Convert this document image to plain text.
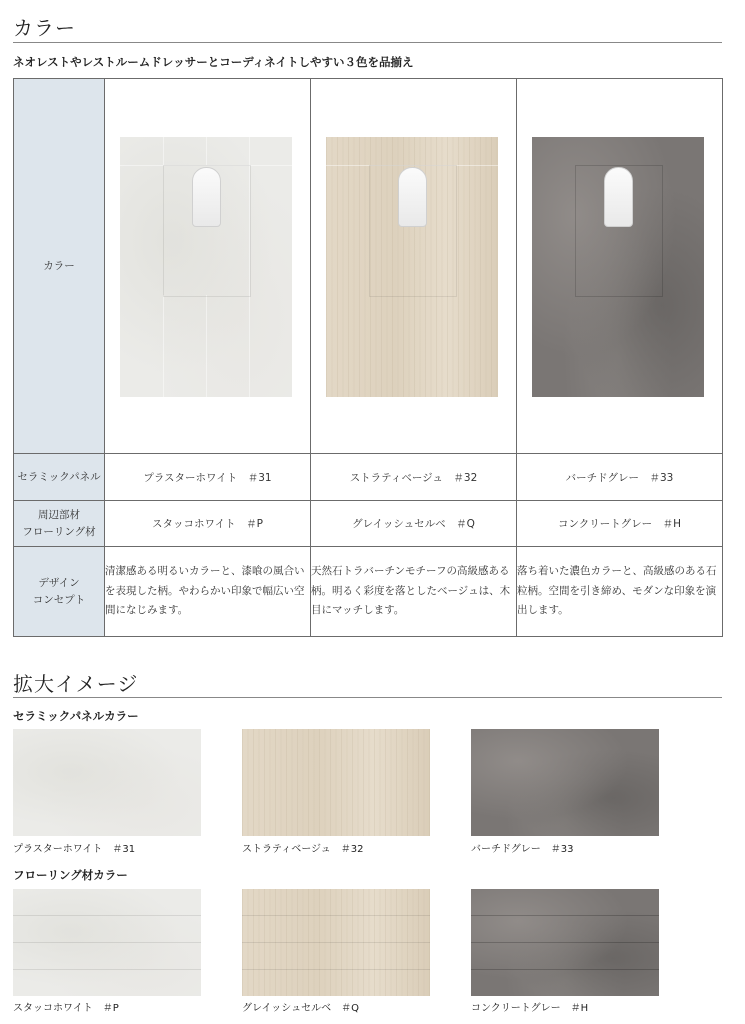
カラー
ネオレストやレストルームドレッサーとコーディネイトしやすい３色を品揃え
カラー	

セラミックパネル	プラスターホワイト　＃31	ストラティベージュ　＃32	バーチドグレー　＃33
周辺部材
フローリング材	スタッコホワイト　＃P	グレイッシュセルベ　＃Q	コンクリートグレー　＃H
デザイン
コンセプト	清潔感ある明るいカラーと、漆喰の風合いを表現した柄。やわらかい印象で幅広い空間になじみます。	天然石トラバーチンモチーフの高級感ある柄。明るく彩度を落としたベージュは、木目にマッチします。	落ち着いた濃色カラーと、高級感のある石粒柄。空間を引き締め、モダンな印象を演出します。
拡大イメージ
セラミックパネルカラー
プラスターホワイト　＃31	ストラティベージュ　＃32	バーチドグレー　＃33
フローリング材カラー
スタッコホワイト　＃P	グレイッシュセルベ　＃Q	コンクリートグレー　＃H
